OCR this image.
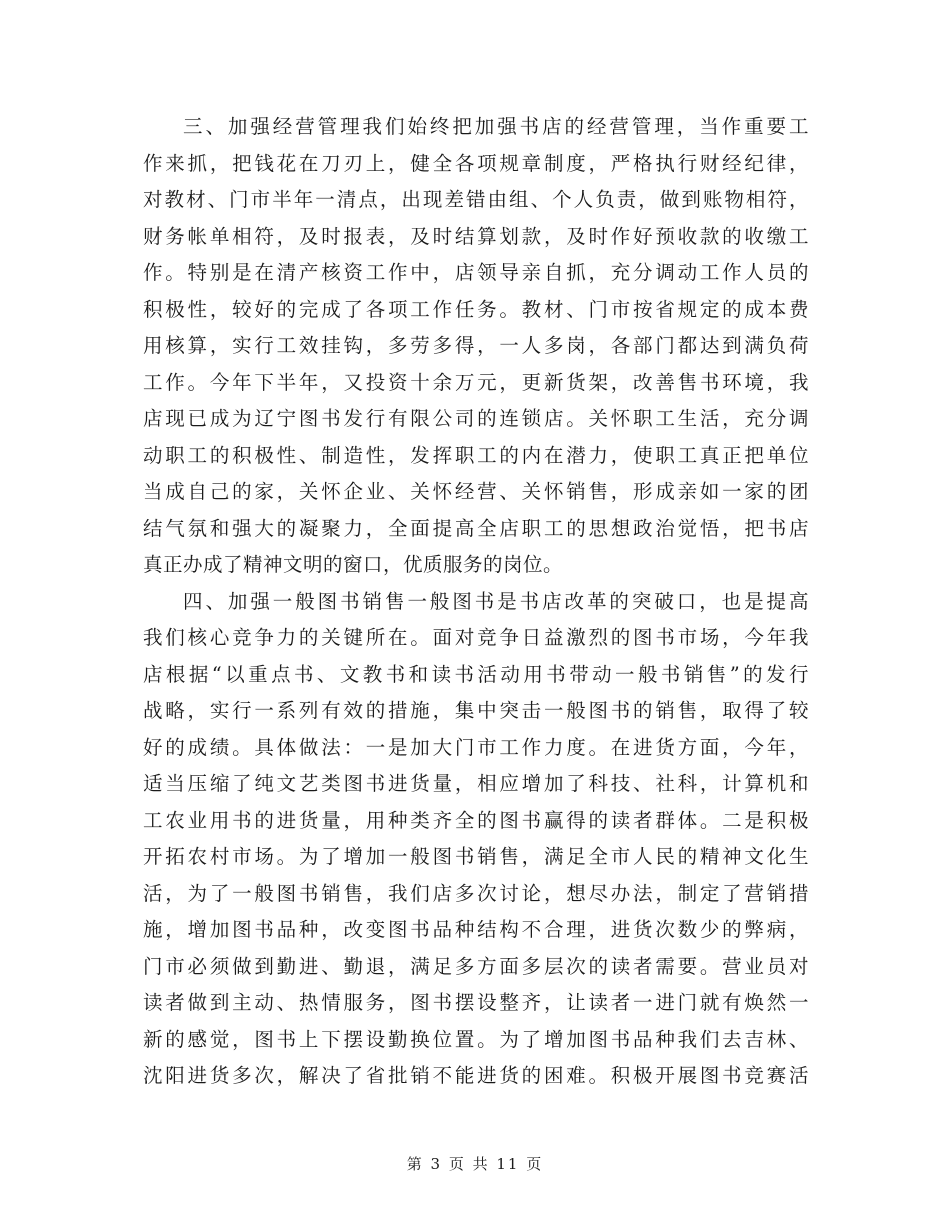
三、加强经营管理我们始终把加强书店的经营管理，当作重要工
作来抓，把钱花在刀刃上，健全各项规章制度，严格执行财经纪律，
对教材、门市半年一清点，出现差错由组、个人负责，做到账物相符，
财务帐单相符，及时报表，及时结算划款，及时作好预收款的收缴工
作。特别是在清产核资工作中，店领导亲自抓，充分调动工作人员的
积极性，较好的完成了各项工作任务。教材、门市按省规定的成本费
用核算，实行工效挂钩，多劳多得，一人多岗，各部门都达到满负荷
工作。今年下半年，又投资十余万元，更新货架，改善售书环境，我
店现已成为辽宁图书发行有限公司的连锁店。关怀职工生活，充分调
动职工的积极性、制造性，发挥职工的内在潜力，使职工真正把单位
当成自己的家，关怀企业、关怀经营、关怀销售，形成亲如一家的团
结气氛和强大的凝聚力，全面提高全店职工的思想政治觉悟，把书店
真正办成了精神文明的窗口，优质服务的岗位。
四、加强一般图书销售一般图书是书店改革的突破口，也是提高
我们核心竞争力的关键所在。面对竞争日益激烈的图书市场，今年我
店根据“以重点书、文教书和读书活动用书带动一般书销售”的发行
战略，实行一系列有效的措施，集中突击一般图书的销售，取得了较
好的成绩。具体做法：一是加大门市工作力度。在进货方面，今年，
适当压缩了纯文艺类图书进货量，相应增加了科技、社科，计算机和
工农业用书的进货量，用种类齐全的图书赢得的读者群体。二是积极
开拓农村市场。为了增加一般图书销售，满足全市人民的精神文化生
活，为了一般图书销售，我们店多次讨论，想尽办法，制定了营销措
施，增加图书品种，改变图书品种结构不合理，进货次数少的弊病，
门市必须做到勤进、勤退，满足多方面多层次的读者需要。营业员对
读者做到主动、热情服务，图书摆设整齐，让读者一进门就有焕然一
新的感觉，图书上下摆设勤换位置。为了增加图书品种我们去吉林、
沈阳进货多次，解决了省批销不能进货的困难。积极开展图书竞赛活
第 3 页 共 11 页
